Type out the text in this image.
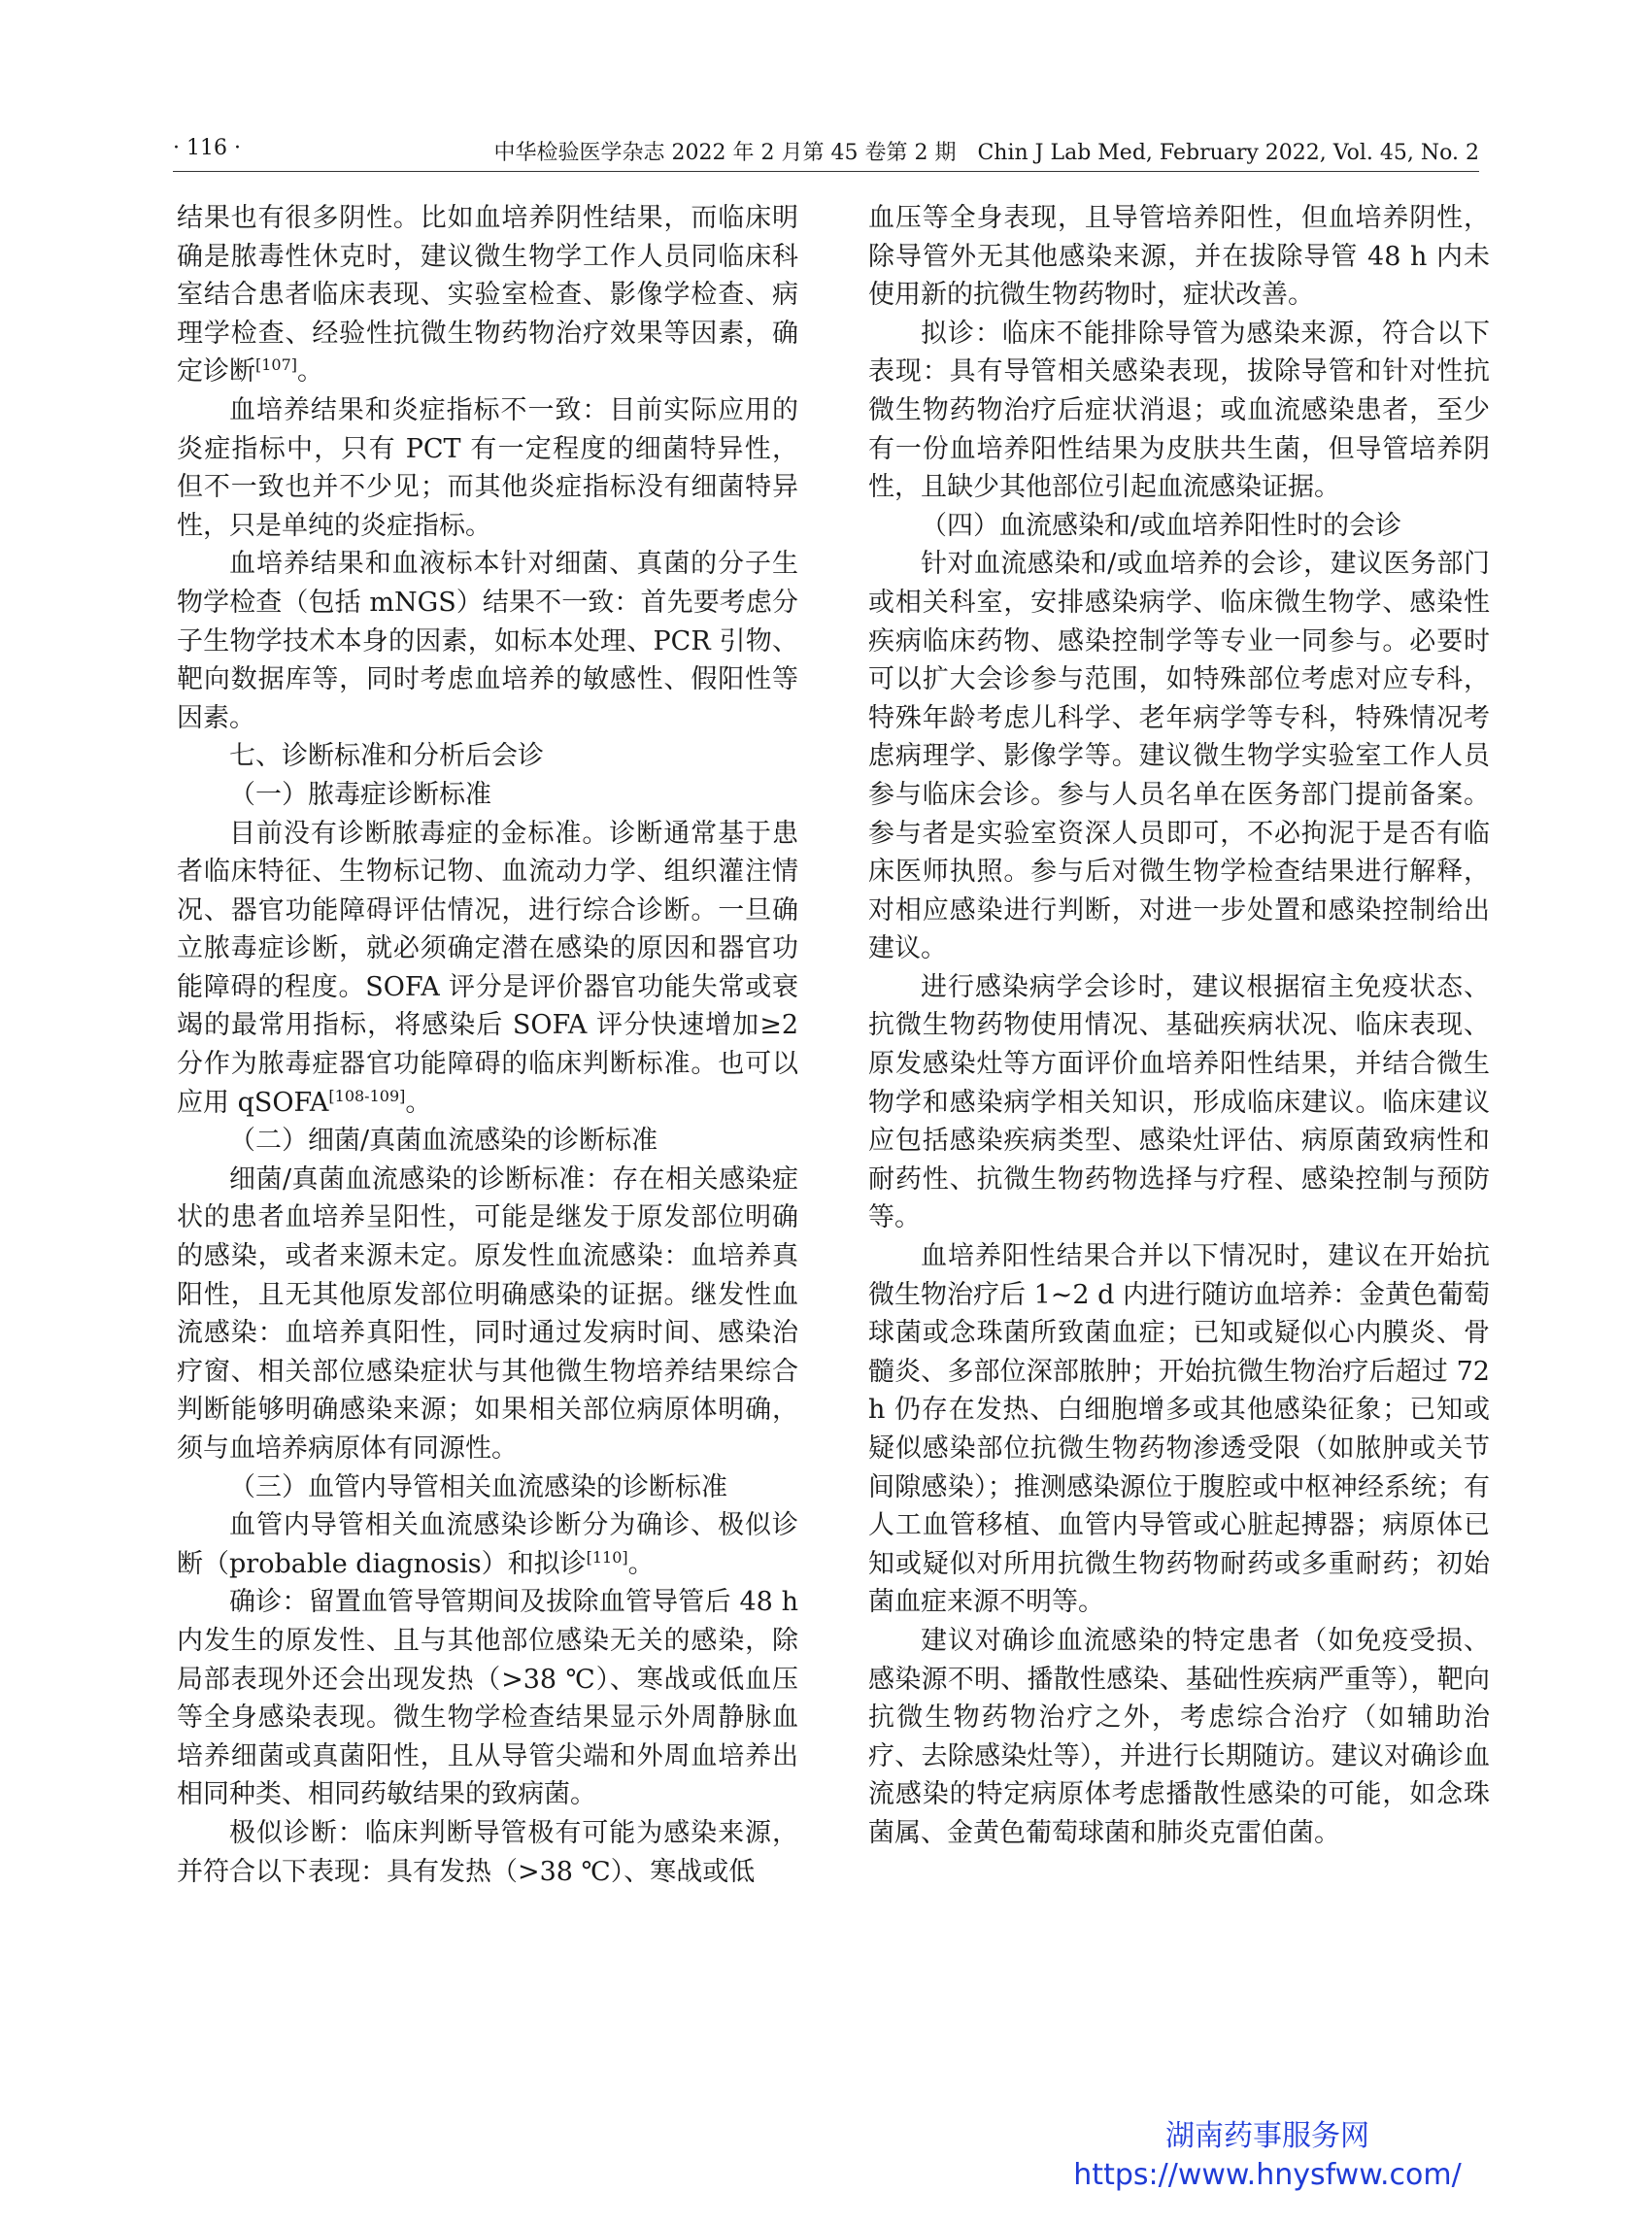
· 116 ·	中华检验医学杂志 2022 年 2 月第 45 卷第 2 期　Chin J Lab Med, February 2022, Vol. 45, No. 2

结果也有很多阴性。比如血培养阴性结果，而临床明确是脓毒性休克时，建议微生物学工作人员同临床科室结合患者临床表现、实验室检查、影像学检查、病理学检查、经验性抗微生物药物治疗效果等因素，确定诊断[107]。

血培养结果和炎症指标不一致：目前实际应用的炎症指标中，只有 PCT 有一定程度的细菌特异性，但不一致也并不少见；而其他炎症指标没有细菌特异性，只是单纯的炎症指标。

血培养结果和血液标本针对细菌、真菌的分子生物学检查（包括 mNGS）结果不一致：首先要考虑分子生物学技术本身的因素，如标本处理、PCR 引物、靶向数据库等，同时考虑血培养的敏感性、假阳性等因素。

七、诊断标准和分析后会诊

（一）脓毒症诊断标准

目前没有诊断脓毒症的金标准。诊断通常基于患者临床特征、生物标记物、血流动力学、组织灌注情况、器官功能障碍评估情况，进行综合诊断。一旦确立脓毒症诊断，就必须确定潜在感染的原因和器官功能障碍的程度。SOFA 评分是评价器官功能失常或衰竭的最常用指标，将感染后 SOFA 评分快速增加≥2 分作为脓毒症器官功能障碍的临床判断标准。也可以应用 qSOFA[108-109]。

（二）细菌/真菌血流感染的诊断标准

细菌/真菌血流感染的诊断标准：存在相关感染症状的患者血培养呈阳性，可能是继发于原发部位明确的感染，或者来源未定。原发性血流感染：血培养真阳性，且无其他原发部位明确感染的证据。继发性血流感染：血培养真阳性，同时通过发病时间、感染治疗窗、相关部位感染症状与其他微生物培养结果综合判断能够明确感染来源；如果相关部位病原体明确，须与血培养病原体有同源性。

（三）血管内导管相关血流感染的诊断标准

血管内导管相关血流感染诊断分为确诊、极似诊断（probable diagnosis）和拟诊[110]。

确诊：留置血管导管期间及拔除血管导管后 48 h 内发生的原发性、且与其他部位感染无关的感染，除局部表现外还会出现发热（>38 ℃）、寒战或低血压等全身感染表现。微生物学检查结果显示外周静脉血培养细菌或真菌阳性，且从导管尖端和外周血培养出相同种类、相同药敏结果的致病菌。

极似诊断：临床判断导管极有可能为感染来源，并符合以下表现：具有发热（>38 ℃）、寒战或低

血压等全身表现，且导管培养阳性，但血培养阴性，除导管外无其他感染来源，并在拔除导管 48 h 内未使用新的抗微生物药物时，症状改善。

拟诊：临床不能排除导管为感染来源，符合以下表现：具有导管相关感染表现，拔除导管和针对性抗微生物药物治疗后症状消退；或血流感染患者，至少有一份血培养阳性结果为皮肤共生菌，但导管培养阴性，且缺少其他部位引起血流感染证据。

（四）血流感染和/或血培养阳性时的会诊

针对血流感染和/或血培养的会诊，建议医务部门或相关科室，安排感染病学、临床微生物学、感染性疾病临床药物、感染控制学等专业一同参与。必要时可以扩大会诊参与范围，如特殊部位考虑对应专科，特殊年龄考虑儿科学、老年病学等专科，特殊情况考虑病理学、影像学等。建议微生物学实验室工作人员参与临床会诊。参与人员名单在医务部门提前备案。参与者是实验室资深人员即可，不必拘泥于是否有临床医师执照。参与后对微生物学检查结果进行解释，对相应感染进行判断，对进一步处置和感染控制给出建议。

进行感染病学会诊时，建议根据宿主免疫状态、抗微生物药物使用情况、基础疾病状况、临床表现、原发感染灶等方面评价血培养阳性结果，并结合微生物学和感染病学相关知识，形成临床建议。临床建议应包括感染疾病类型、感染灶评估、病原菌致病性和耐药性、抗微生物药物选择与疗程、感染控制与预防等。

血培养阳性结果合并以下情况时，建议在开始抗微生物治疗后 1~2 d 内进行随访血培养：金黄色葡萄球菌或念珠菌所致菌血症；已知或疑似心内膜炎、骨髓炎、多部位深部脓肿；开始抗微生物治疗后超过 72 h 仍存在发热、白细胞增多或其他感染征象；已知或疑似感染部位抗微生物药物渗透受限（如脓肿或关节间隙感染）；推测感染源位于腹腔或中枢神经系统；有人工血管移植、血管内导管或心脏起搏器；病原体已知或疑似对所用抗微生物药物耐药或多重耐药；初始菌血症来源不明等。

建议对确诊血流感染的特定患者（如免疫受损、感染源不明、播散性感染、基础性疾病严重等），靶向抗微生物药物治疗之外，考虑综合治疗（如辅助治疗、去除感染灶等），并进行长期随访。建议对确诊血流感染的特定病原体考虑播散性感染的可能，如念珠菌属、金黄色葡萄球菌和肺炎克雷伯菌。

湖南药事服务网
https://www.hnysfww.com/
